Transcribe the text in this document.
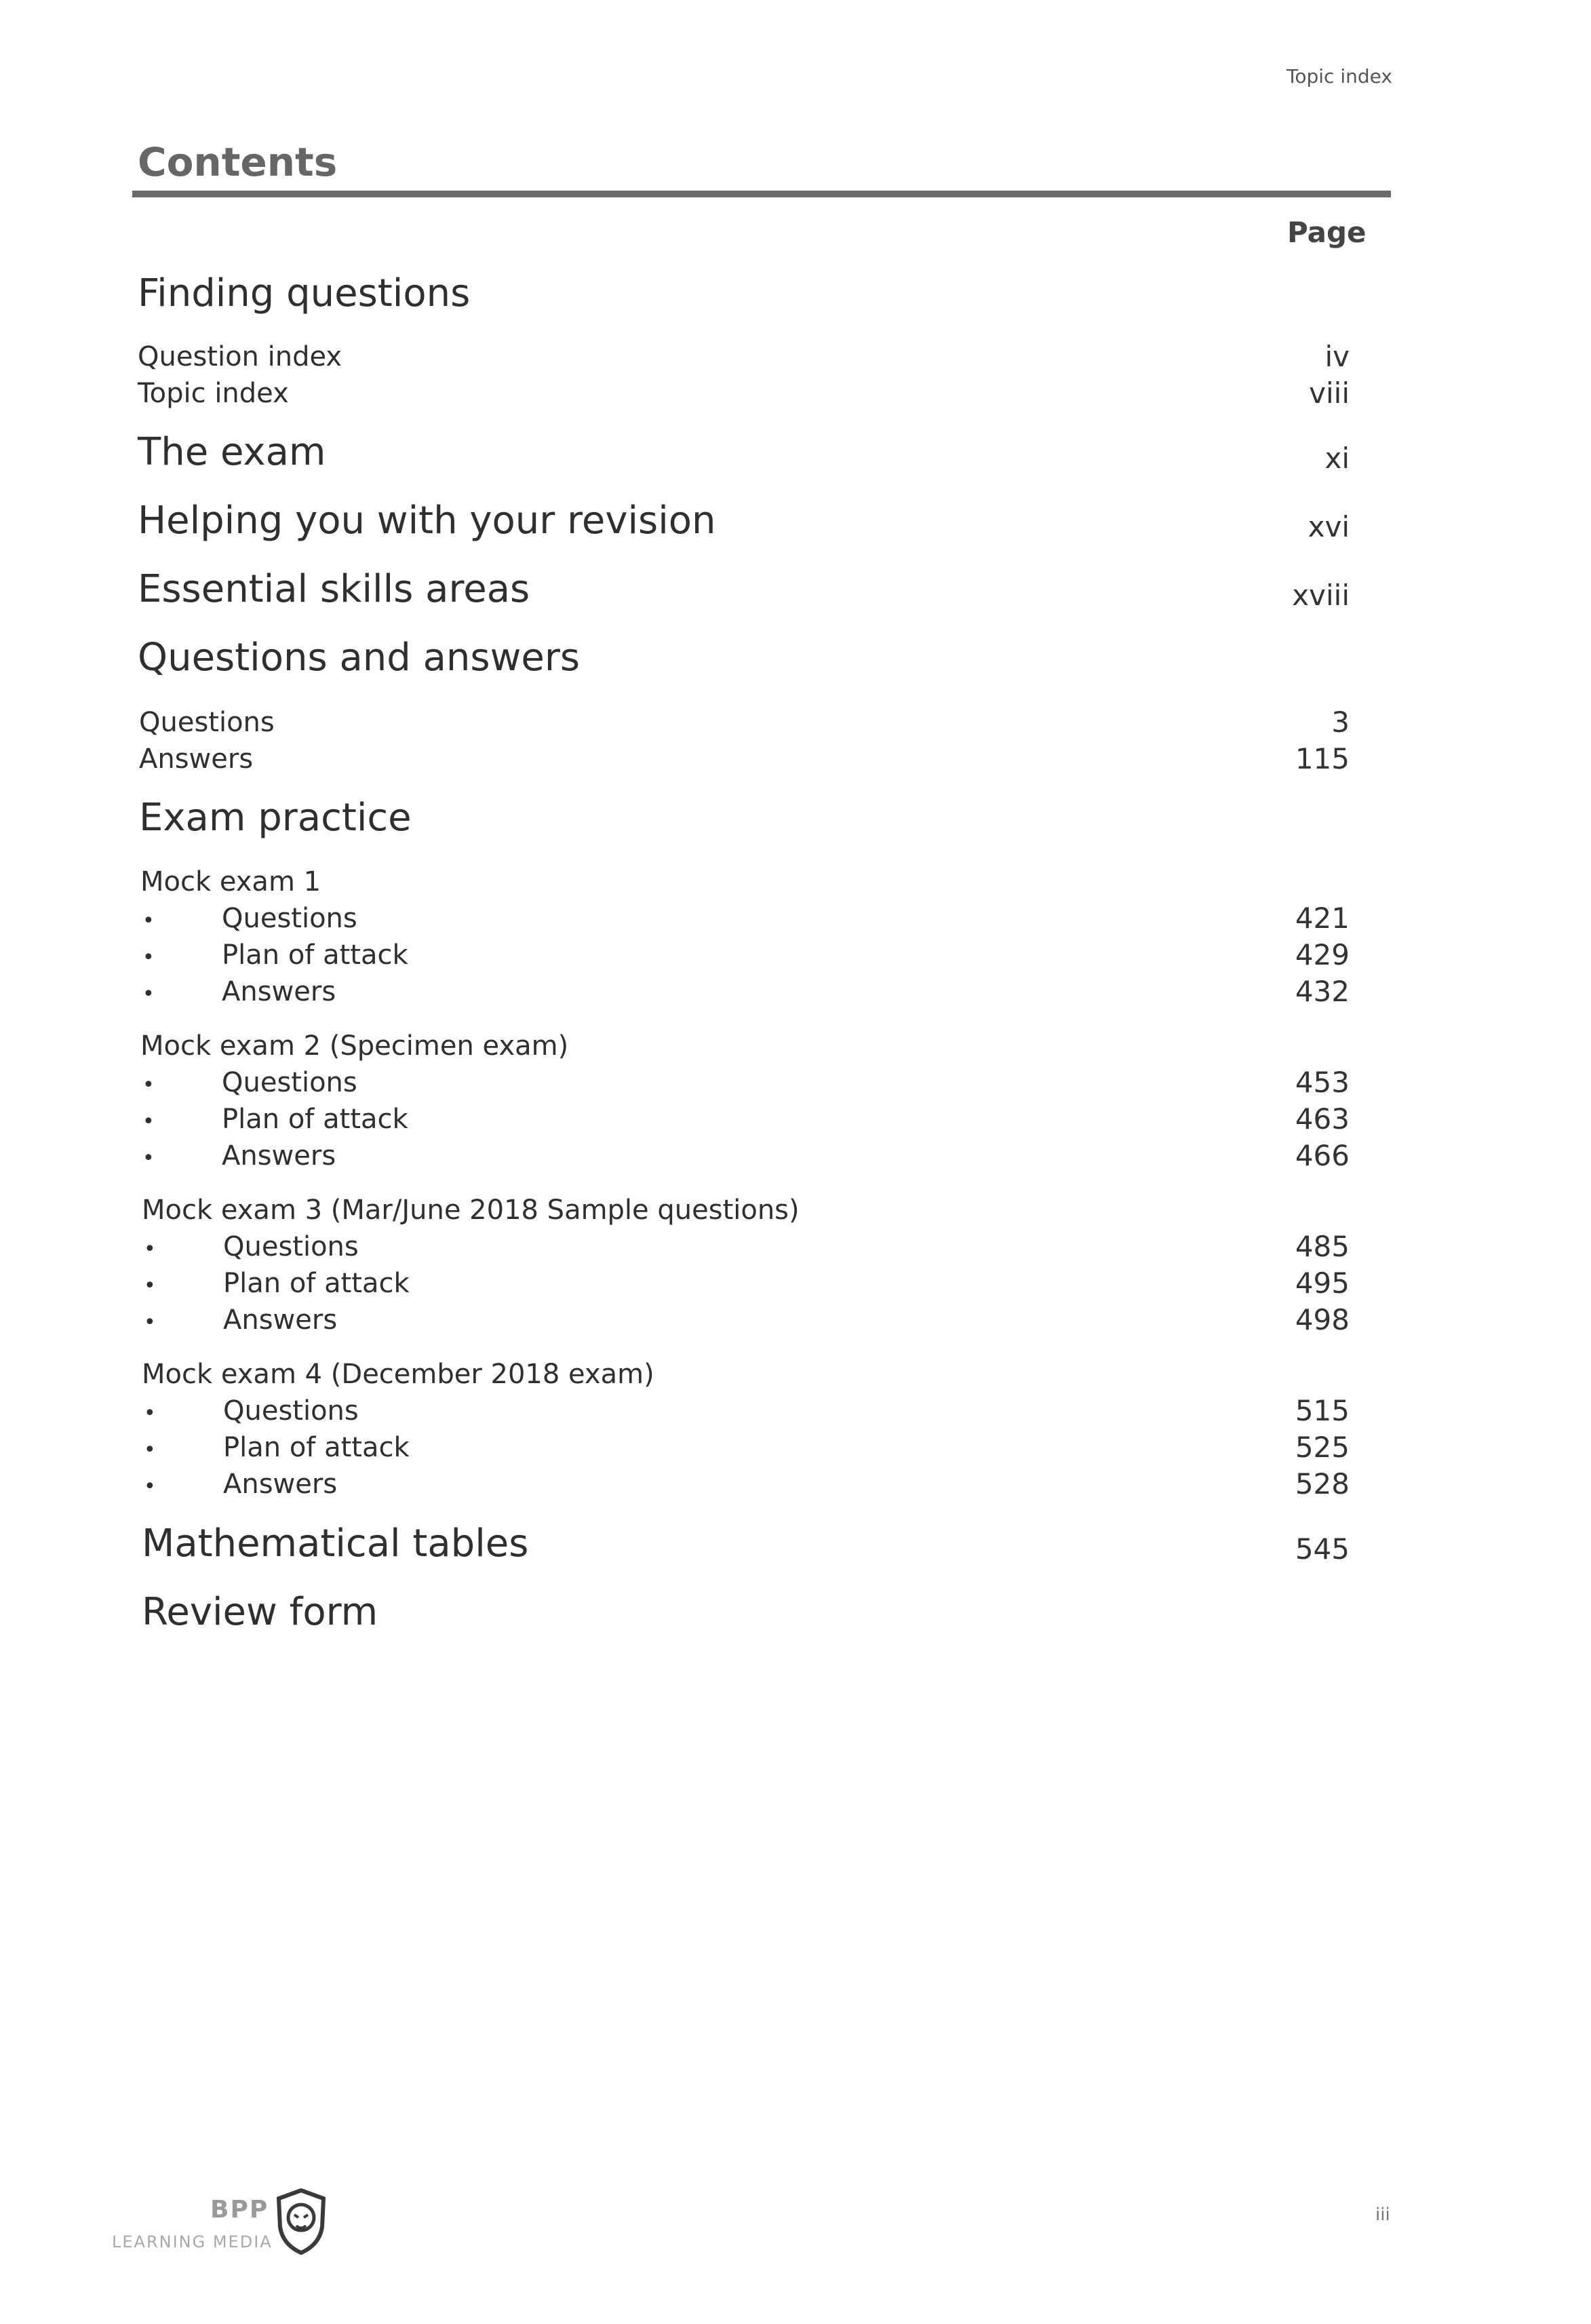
Topic index
Contents
Page
Finding questions
Question index	iv
Topic index	viii
The exam	xi
Helping you with your revision	xvi
Essential skills areas	xviii
Questions and answers
Questions	3
Answers	115
Exam practice
Mock exam 1
• Questions	421
• Plan of attack	429
• Answers	432
Mock exam 2 (Specimen exam)
• Questions	453
• Plan of attack	463
• Answers	466
Mock exam 3 (Mar/June 2018 Sample questions)
• Questions	485
• Plan of attack	495
• Answers	498
Mock exam 4 (December 2018 exam)
• Questions	515
• Plan of attack	525
• Answers	528
Mathematical tables	545
Review form
BPP
LEARNING MEDIA
iii
